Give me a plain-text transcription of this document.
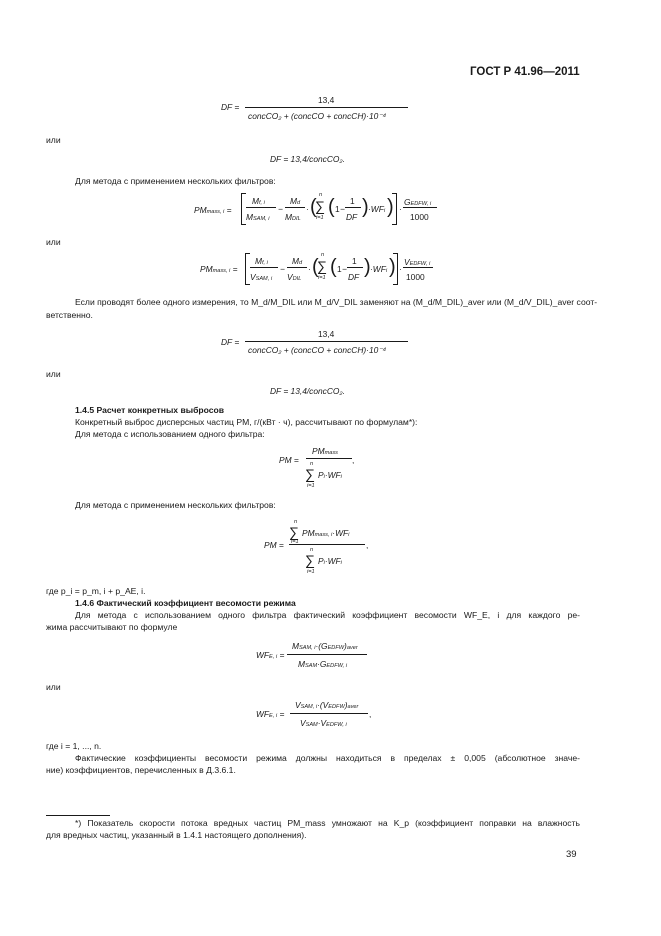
ГОСТ Р 41.96—2011
DF =
13,4
concCO₂ + (concCO + concCH)·10⁻⁴
или
DF = 13,4/concCO₂.
Для метода с применением нескольких фильтров:
PMmass, i =
Mf, i
MSAM, i
−
Md
MDIL
· (
n
∑
i=1 ( 1 −
1
DF ) ·WFi ) ·
GEDFW, i
1000
или
PMmass, i =
Mf, i
VSAM, i
−
Md
VDIL
· (
n
∑
i=1 ( 1 −
1
DF ) ·WFi ) ·
VEDFW, i
1000
Если проводят более одного измерения, то M_d/M_DIL или M_d/V_DIL заменяют на (M_d/M_DIL)_aver или (M_d/V_DIL)_aver соот-
ветственно.
DF =
13,4
concCO₂ + (concCO + concCH)·10⁻⁴
или
DF = 13,4/concCO₂.
1.4.5 Расчет конкретных выбросов
Конкретный выброс дисперсных частиц PM, г/(кВт · ч), рассчитывают по формулам*):
Для метода с использованием одного фильтра:
PM =
PMmass
n
∑
i=1
Pi·WFi
,
Для метода с применением нескольких фильтров:
PM =
n
∑
i=1
PMmass, i·WFi
n
∑
i=1
Pi·WFi
,
где p_i = p_m, i + p_AE, i.
1.4.6 Фактический коэффициент весомости режима
Для метода с использованием одного фильтра фактический коэффициент весомости WF_E, i для каждого ре-
жима рассчитывают по формуле
WFE, i =
MSAM, i·(GEDFW)aver
MSAM·GEDFW, i
или
WFE, i =
VSAM, i·(VEDFW)aver
VSAM·VEDFW, i
,
где i = 1, ..., n.
Фактические коэффициенты весомости режима должны находиться в пределах ± 0,005 (абсолютное значе-
ние) коэффициентов, перечисленных в Д.3.6.1.
*) Показатель скорости потока вредных частиц PM_mass умножают на K_p (коэффициент поправки на влажность
для вредных частиц, указанный в 1.4.1 настоящего дополнения).
39
